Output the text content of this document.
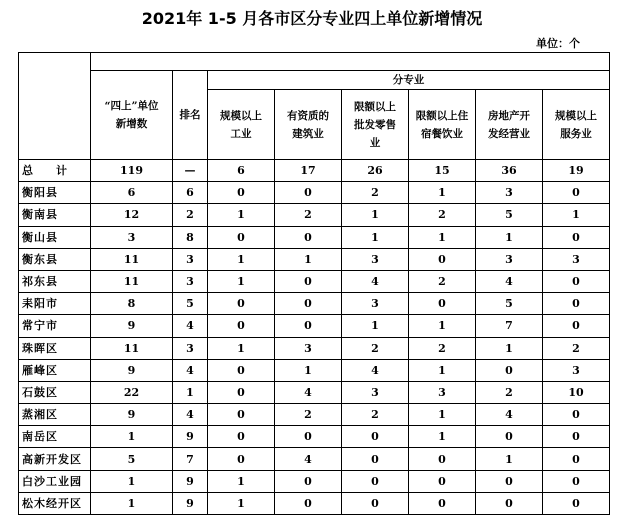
2021年 1-5 月各市区分专业四上单位新增情况
单位：个

	“四上”单位新增数	排名	分专业					
			规模以上工业	有资质的建筑业	限额以上批发零售业	限额以上住宿餐饮业	房地产开发经营业	规模以上服务业
总　计	119	—	6	17	26	15	36	19
衡阳县	6	6	0	0	2	1	3	0
衡南县	12	2	1	2	1	2	5	1
衡山县	3	8	0	0	1	1	1	0
衡东县	11	3	1	1	3	0	3	3
祁东县	11	3	1	0	4	2	4	0
耒阳市	8	5	0	0	3	0	5	0
常宁市	9	4	0	0	1	1	7	0
珠晖区	11	3	1	3	2	2	1	2
雁峰区	9	4	0	1	4	1	0	3
石鼓区	22	1	0	4	3	3	2	10
蒸湘区	9	4	0	2	2	1	4	0
南岳区	1	9	0	0	0	1	0	0
高新开发区	5	7	0	4	0	0	1	0
白沙工业园	1	9	1	0	0	0	0	0
松木经开区	1	9	1	0	0	0	0	0
